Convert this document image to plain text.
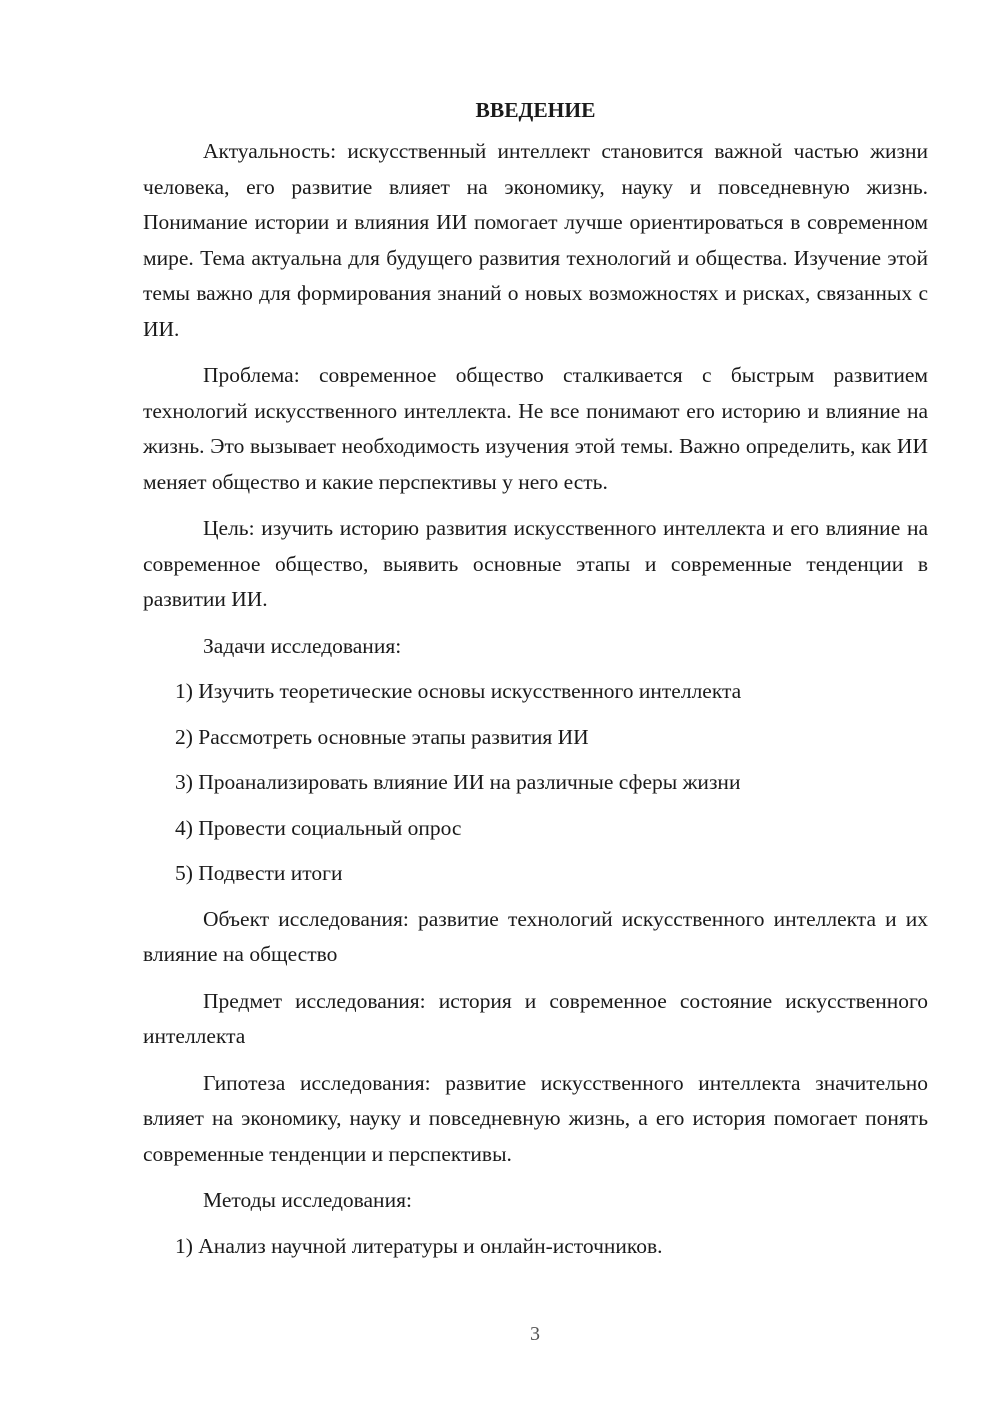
ВВЕДЕНИЕ

Актуальность: искусственный интеллект становится важной частью жизни человека, его развитие влияет на экономику, науку и повседневную жизнь. Понимание истории и влияния ИИ помогает лучше ориентироваться в современном мире. Тема актуальна для будущего развития технологий и общества. Изучение этой темы важно для формирования знаний о новых возможностях и рисках, связанных с ИИ.

Проблема: современное общество сталкивается с быстрым развитием технологий искусственного интеллекта. Не все понимают его историю и влияние на жизнь. Это вызывает необходимость изучения этой темы. Важно определить, как ИИ меняет общество и какие перспективы у него есть.

Цель: изучить историю развития искусственного интеллекта и его влияние на современное общество, выявить основные этапы и современные тенденции в развитии ИИ.

Задачи исследования:
1) Изучить теоретические основы искусственного интеллекта
2) Рассмотреть основные этапы развития ИИ
3) Проанализировать влияние ИИ на различные сферы жизни
4) Провести социальный опрос
5) Подвести итоги

Объект исследования: развитие технологий искусственного интеллекта и их влияние на общество

Предмет исследования: история и современное состояние искусственного интеллекта

Гипотеза исследования: развитие искусственного интеллекта значительно влияет на экономику, науку и повседневную жизнь, а его история помогает понять современные тенденции и перспективы.

Методы исследования:
1) Анализ научной литературы и онлайн-источников.
3
